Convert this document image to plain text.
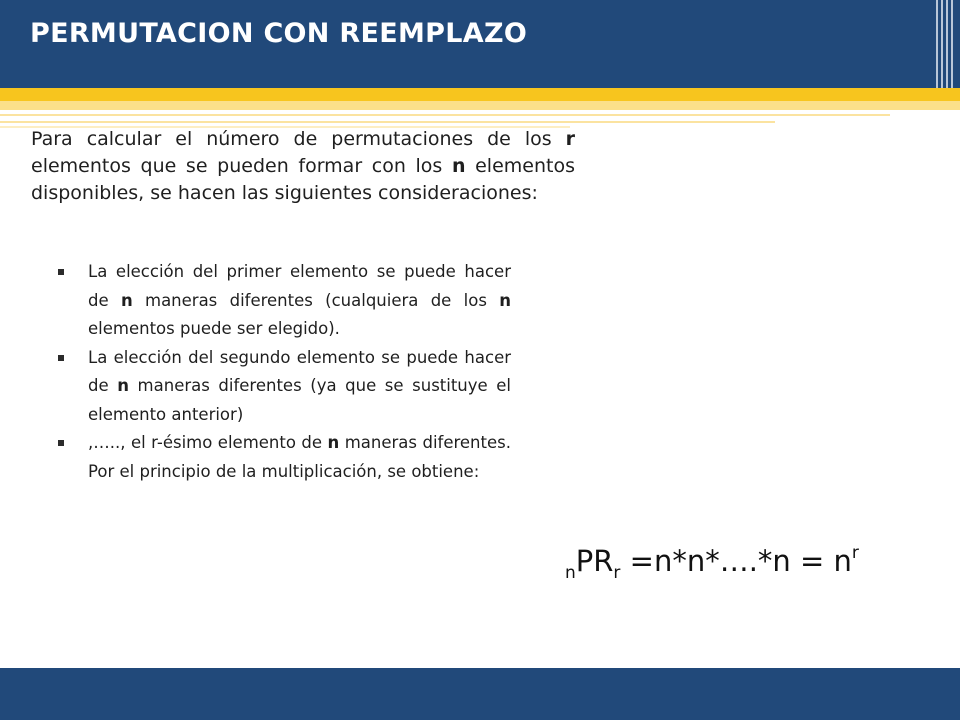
PERMUTACION CON REEMPLAZO

Para calcular el número de permutaciones de los r elementos que se pueden formar con los n elementos disponibles, se hacen las siguientes consideraciones:

La elección del primer elemento se puede hacer de n maneras diferentes (cualquiera de los n elementos puede ser elegido).
La elección del segundo elemento se puede hacer de n maneras diferentes (ya que se sustituye el elemento anterior)
,….., el r-ésimo elemento de n maneras diferentes. Por el principio de la multiplicación, se obtiene:
$_nPR_r$ =n*n*….*n = $n^r$
